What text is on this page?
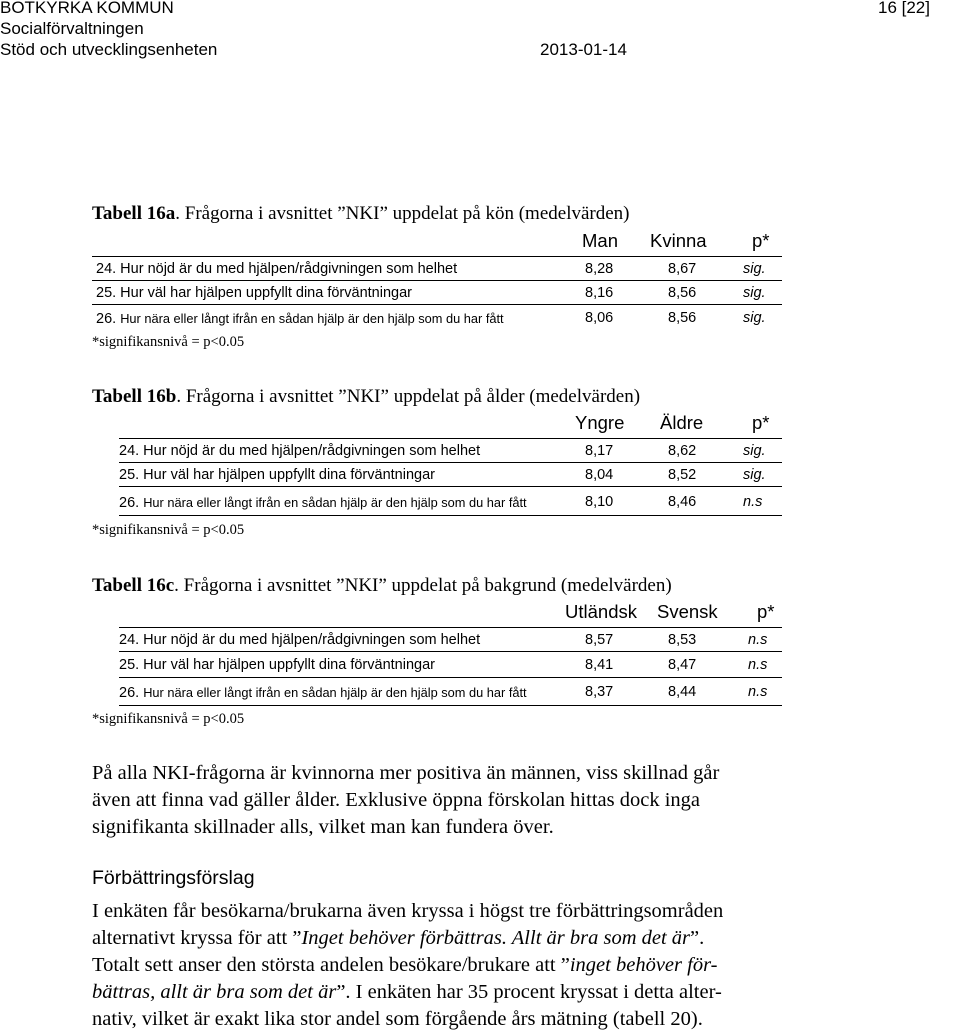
BOTKYRKA KOMMUN
Socialförvaltningen
Stöd och utvecklingsenheten
16 [22]
2013-01-14
Tabell 16a. Frågorna i avsnittet ”NKI” uppdelat på kön (medelvärden)
Man Kvinna p*
24. Hur nöjd är du med hjälpen/rådgivningen som helhet	8,28	8,67	sig.
25. Hur väl har hjälpen uppfyllt dina förväntningar	8,16	8,56	sig.
26. Hur nära eller långt ifrån en sådan hjälp är den hjälp som du har fått	8,06	8,56	sig.
*signifikansnivå = p<0.05
Tabell 16b. Frågorna i avsnittet ”NKI” uppdelat på ålder (medelvärden)
Yngre Äldre	p*
24. Hur nöjd är du med hjälpen/rådgivningen som helhet	8,17	8,62	sig.
25. Hur väl har hjälpen uppfyllt dina förväntningar	8,04	8,52	sig.
26. Hur nära eller långt ifrån en sådan hjälp är den hjälp som du har fått	8,10	8,46	n.s
*signifikansnivå = p<0.05
Tabell 16c. Frågorna i avsnittet ”NKI” uppdelat på bakgrund (medelvärden)
Utländsk Svensk p*
24. Hur nöjd är du med hjälpen/rådgivningen som helhet	8,57	8,53	n.s
25. Hur väl har hjälpen uppfyllt dina förväntningar	8,41	8,47	n.s
26. Hur nära eller långt ifrån en sådan hjälp är den hjälp som du har fått	8,37	8,44	n.s
*signifikansnivå = p<0.05

På alla NKI-frågorna är kvinnorna mer positiva än männen, viss skillnad går

även att finna vad gäller ålder. Exklusive öppna förskolan hittas dock inga

signifikanta skillnader alls, vilket man kan fundera över.

Förbättringsförslag

I enkäten får besökarna/brukarna även kryssa i högst tre förbättringsområden

alternativt kryssa för att ”Inget behöver förbättras. Allt är bra som det är”.

Totalt sett anser den största andelen besökare/brukare att ”inget behöver för-

bättras, allt är bra som det är”. I enkäten har 35 procent kryssat i detta alter-

nativ, vilket är exakt lika stor andel som förgående års mätning (tabell 20).
